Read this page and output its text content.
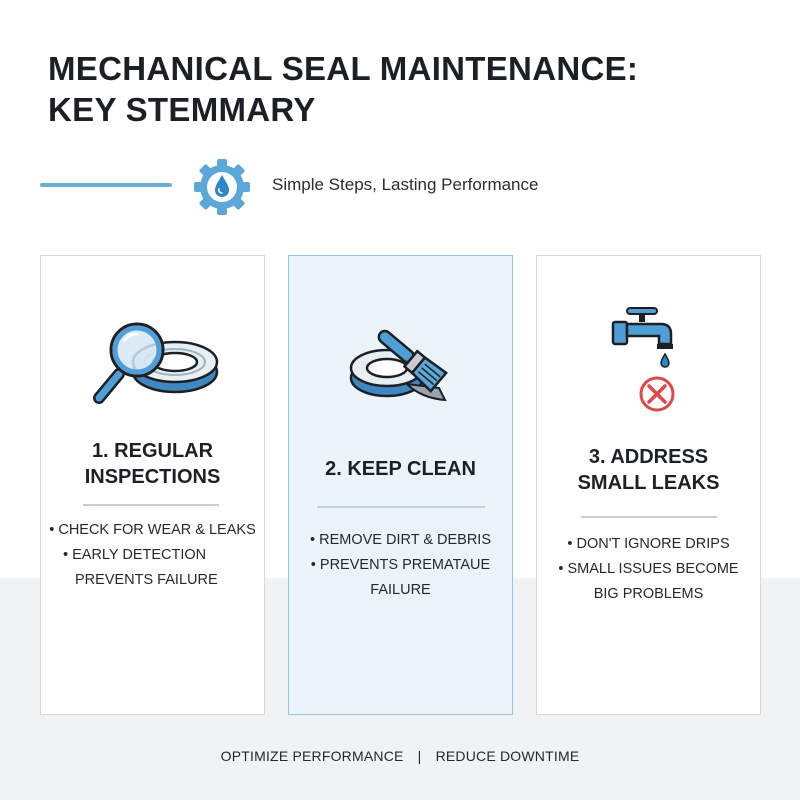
MECHANICAL SEAL MAINTENANCE:
KEY STEMMARY
Simple Steps, Lasting Performance
1. REGULAR
INSPECTIONS
• CHECK FOR WEAR & LEAKS
• EARLY DETECTION
PREVENTS FAILURE
2. KEEP CLEAN
• REMOVE DIRT & DEBRIS
• PREVENTS PREMATAUE
FAILURE
3. ADDRESS
SMALL LEAKS
• DON'T IGNORE DRIPS
• SMALL ISSUES BECOME
BIG PROBLEMS
OPTIMIZE PERFORMANCE | REDUCE DOWNTIME
